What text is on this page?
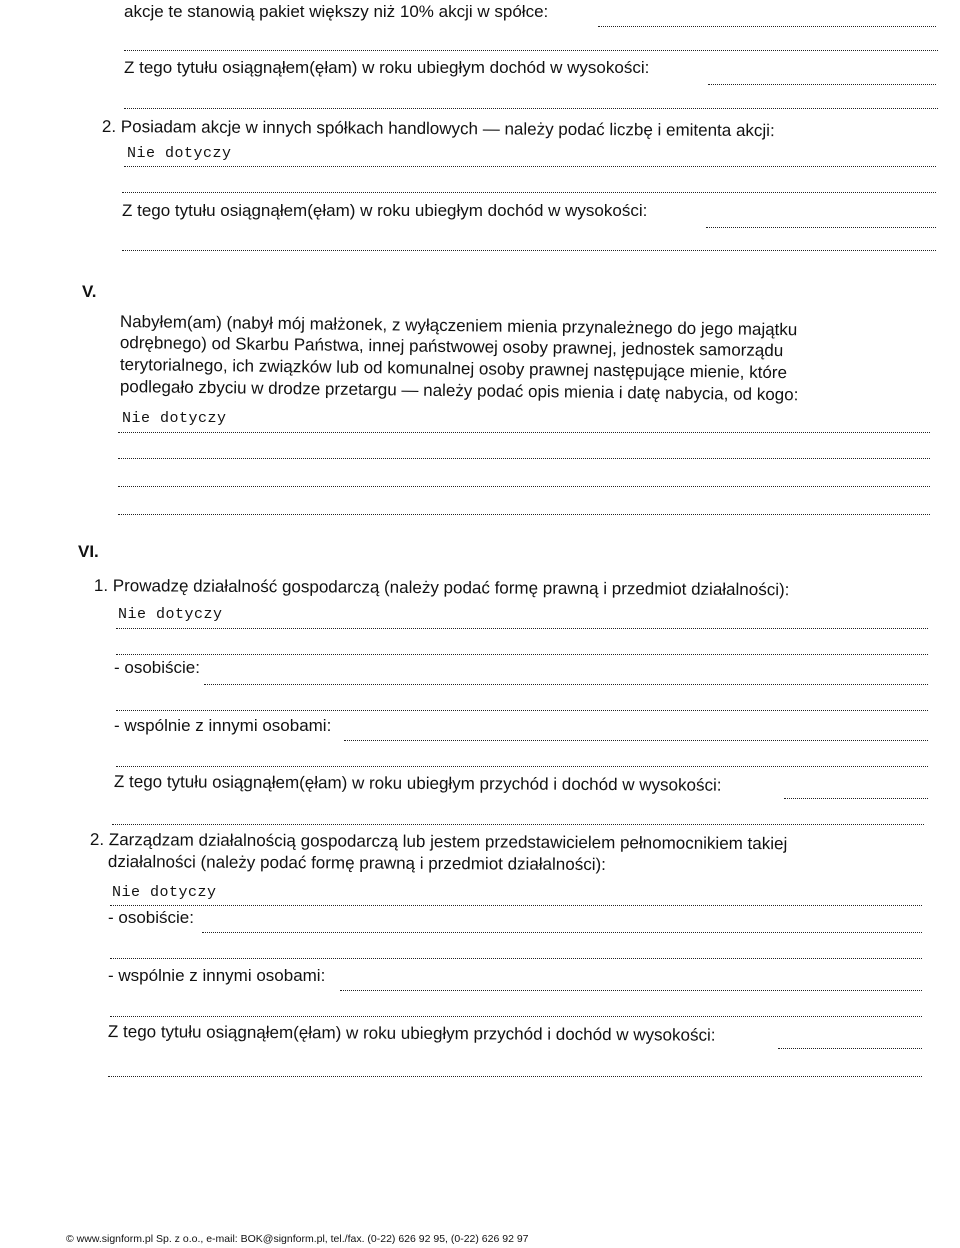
akcje te stanowią pakiet większy niż 10% akcji w spółce:
Z tego tytułu osiągnąłem(ęłam) w roku ubiegłym dochód w wysokości:
2. Posiadam akcje w innych spółkach handlowych — należy podać liczbę i emitenta akcji:
Nie dotyczy
Z tego tytułu osiągnąłem(ęłam) w roku ubiegłym dochód w wysokości:
V.
Nabyłem(am) (nabył mój małżonek, z wyłączeniem mienia przynależnego do jego majątku
odrębnego) od Skarbu Państwa, innej państwowej osoby prawnej, jednostek samorządu
terytorialnego, ich związków lub od komunalnej osoby prawnej następujące mienie, które
podlegało zbyciu w drodze przetargu — należy podać opis mienia i datę nabycia, od kogo:
Nie dotyczy
VI.
1. Prowadzę działalność gospodarczą (należy podać formę prawną i przedmiot działalności):
Nie dotyczy
- osobiście:
- wspólnie z innymi osobami:
Z tego tytułu osiągnąłem(ęłam) w roku ubiegłym przychód i dochód w wysokości:
2. Zarządzam działalnością gospodarczą lub jestem przedstawicielem pełnomocnikiem takiej
działalności (należy podać formę prawną i przedmiot działalności):
Nie dotyczy
- osobiście:
- wspólnie z innymi osobami:
Z tego tytułu osiągnąłem(ęłam) w roku ubiegłym przychód i dochód w wysokości:
© www.signform.pl Sp. z o.o., e-mail: BOK@signform.pl, tel./fax. (0-22) 626 92 95, (0-22) 626 92 97
